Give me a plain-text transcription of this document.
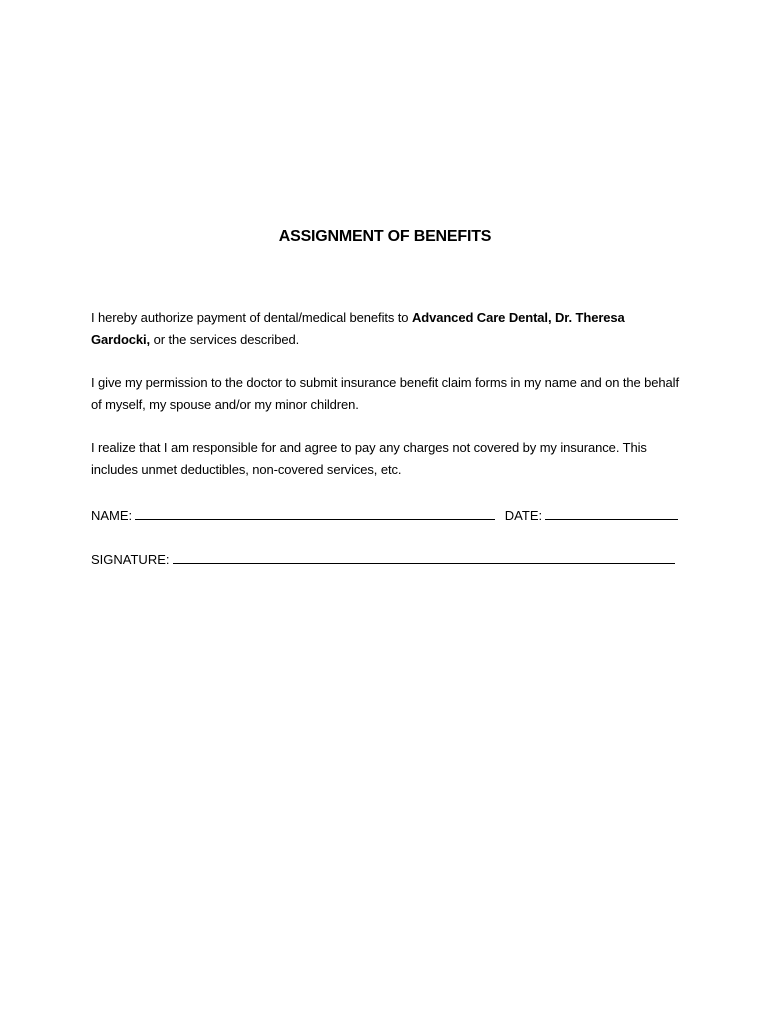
ASSIGNMENT OF BENEFITS
I hereby authorize payment of dental/medical benefits to Advanced Care Dental, Dr. Theresa Gardocki, or the services described.
I give my permission to the doctor to submit insurance benefit claim forms in my name and on the behalf of myself, my spouse and/or my minor children.
I realize that I am responsible for and agree to pay any charges not covered by my insurance. This includes unmet deductibles, non-covered services, etc.
NAME:	DATE:
SIGNATURE:
